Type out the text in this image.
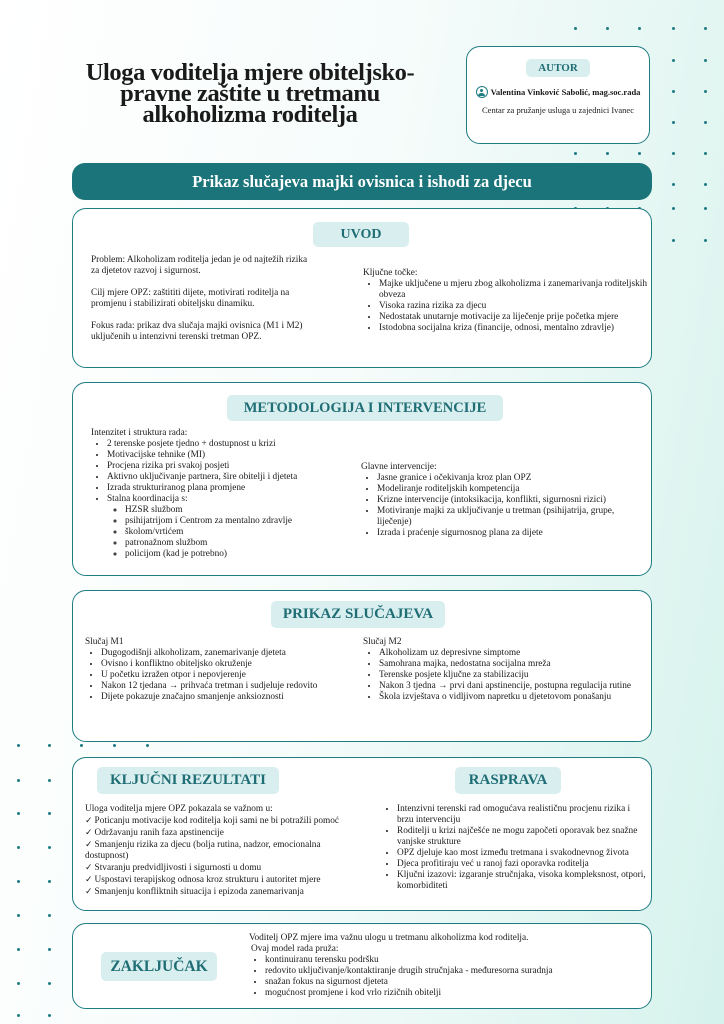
Uloga voditelja mjere obiteljsko-pravne zaštite u tretmanu alkoholizma roditelja
AUTOR
Valentina Vinković Sabolić, mag.soc.rada
Centar za pružanje usluga u zajednici Ivanec
Prikaz slučajeva majki ovisnica i ishodi za djecu
UVOD

Problem: Alkoholizam roditelja jedan je od najtežih rizika za djetetov razvoj i sigurnost.

Cilj mjere OPZ: zaštititi dijete, motivirati roditelja na promjenu i stabilizirati obiteljsku dinamiku.

Fokus rada: prikaz dva slučaja majki ovisnica (M1 i M2) uključenih u intenzivni terenski tretman OPZ.

Ključne točke:

• Majke uključene u mjeru zbog alkoholizma i zanemarivanja roditeljskih obveza
• Visoka razina rizika za djecu
• Nedostatak unutarnje motivacije za liječenje prije početka mjere
• Istodobna socijalna kriza (financije, odnosi, mentalno zdravlje)
METODOLOGIJA I INTERVENCIJE

Intenzitet i struktura rada:

• 2 terenske posjete tjedno + dostupnost u krizi
• Motivacijske tehnike (MI)
• Procjena rizika pri svakoj posjeti
• Aktivno uključivanje partnera, šire obitelji i djeteta
• Izrada strukturiranog plana promjene
• Stalna koordinacija s:
◦ HZSR službom
◦ psihijatrijom i Centrom za mentalno zdravlje
◦ školom/vrtićem
◦ patronažnom službom
◦ policijom (kad je potrebno)

Glavne intervencije:

• Jasne granice i očekivanja kroz plan OPZ
• Modeliranje roditeljskih kompetencija
• Krizne intervencije (intoksikacija, konflikti, sigurnosni rizici)
• Motiviranje majki za uključivanje u tretman (psihijatrija, grupe, liječenje)
• Izrada i praćenje sigurnosnog plana za dijete
PRIKAZ SLUČAJEVA

Slučaj M1

• Dugogodišnji alkoholizam, zanemarivanje djeteta
• Ovisno i konfliktno obiteljsko okruženje
• U početku izražen otpor i nepovjerenje
• Nakon 12 tjedana → prihvaća tretman i sudjeluje redovito
• Dijete pokazuje značajno smanjenje anksioznosti

Slučaj M2

• Alkoholizam uz depresivne simptome
• Samohrana majka, nedostatna socijalna mreža
• Terenske posjete ključne za stabilizaciju
• Nakon 3 tjedna → prvi dani apstinencije, postupna regulacija rutine
• Škola izvještava o vidljivom napretku u djetetovom ponašanju
KLJUČNI REZULTATI	RASPRAVA

Uloga voditelja mjere OPZ pokazala se važnom u:

✓ Poticanju motivacije kod roditelja koji sami ne bi potražili pomoć
✓ Održavanju ranih faza apstinencije
✓ Smanjenju rizika za djecu (bolja rutina, nadzor, emocionalna dostupnost)
✓ Stvaranju predvidljivosti i sigurnosti u domu
✓ Uspostavi terapijskog odnosa kroz strukturu i autoritet mjere
✓ Smanjenju konfliktnih situacija i epizoda zanemarivanja
• Intenzivni terenski rad omogućava realističnu procjenu rizika i brzu intervenciju
• Roditelji u krizi najčešće ne mogu započeti oporavak bez snažne vanjske strukture
• OPZ djeluje kao most između tretmana i svakodnevnog života
• Djeca profitiraju već u ranoj fazi oporavka roditelja
• Ključni izazovi: izgaranje stručnjaka, visoka kompleksnost, otpori, komorbiditeti
ZAKLJUČAK

Voditelj OPZ mjere ima važnu ulogu u tretmanu alkoholizma kod roditelja.

Ovaj model rada pruža:

• kontinuiranu terensku podršku
• redovito uključivanje/kontaktiranje drugih stručnjaka - međuresorna suradnja
• snažan fokus na sigurnost djeteta
• mogućnost promjene i kod vrlo rizičnih obitelji
